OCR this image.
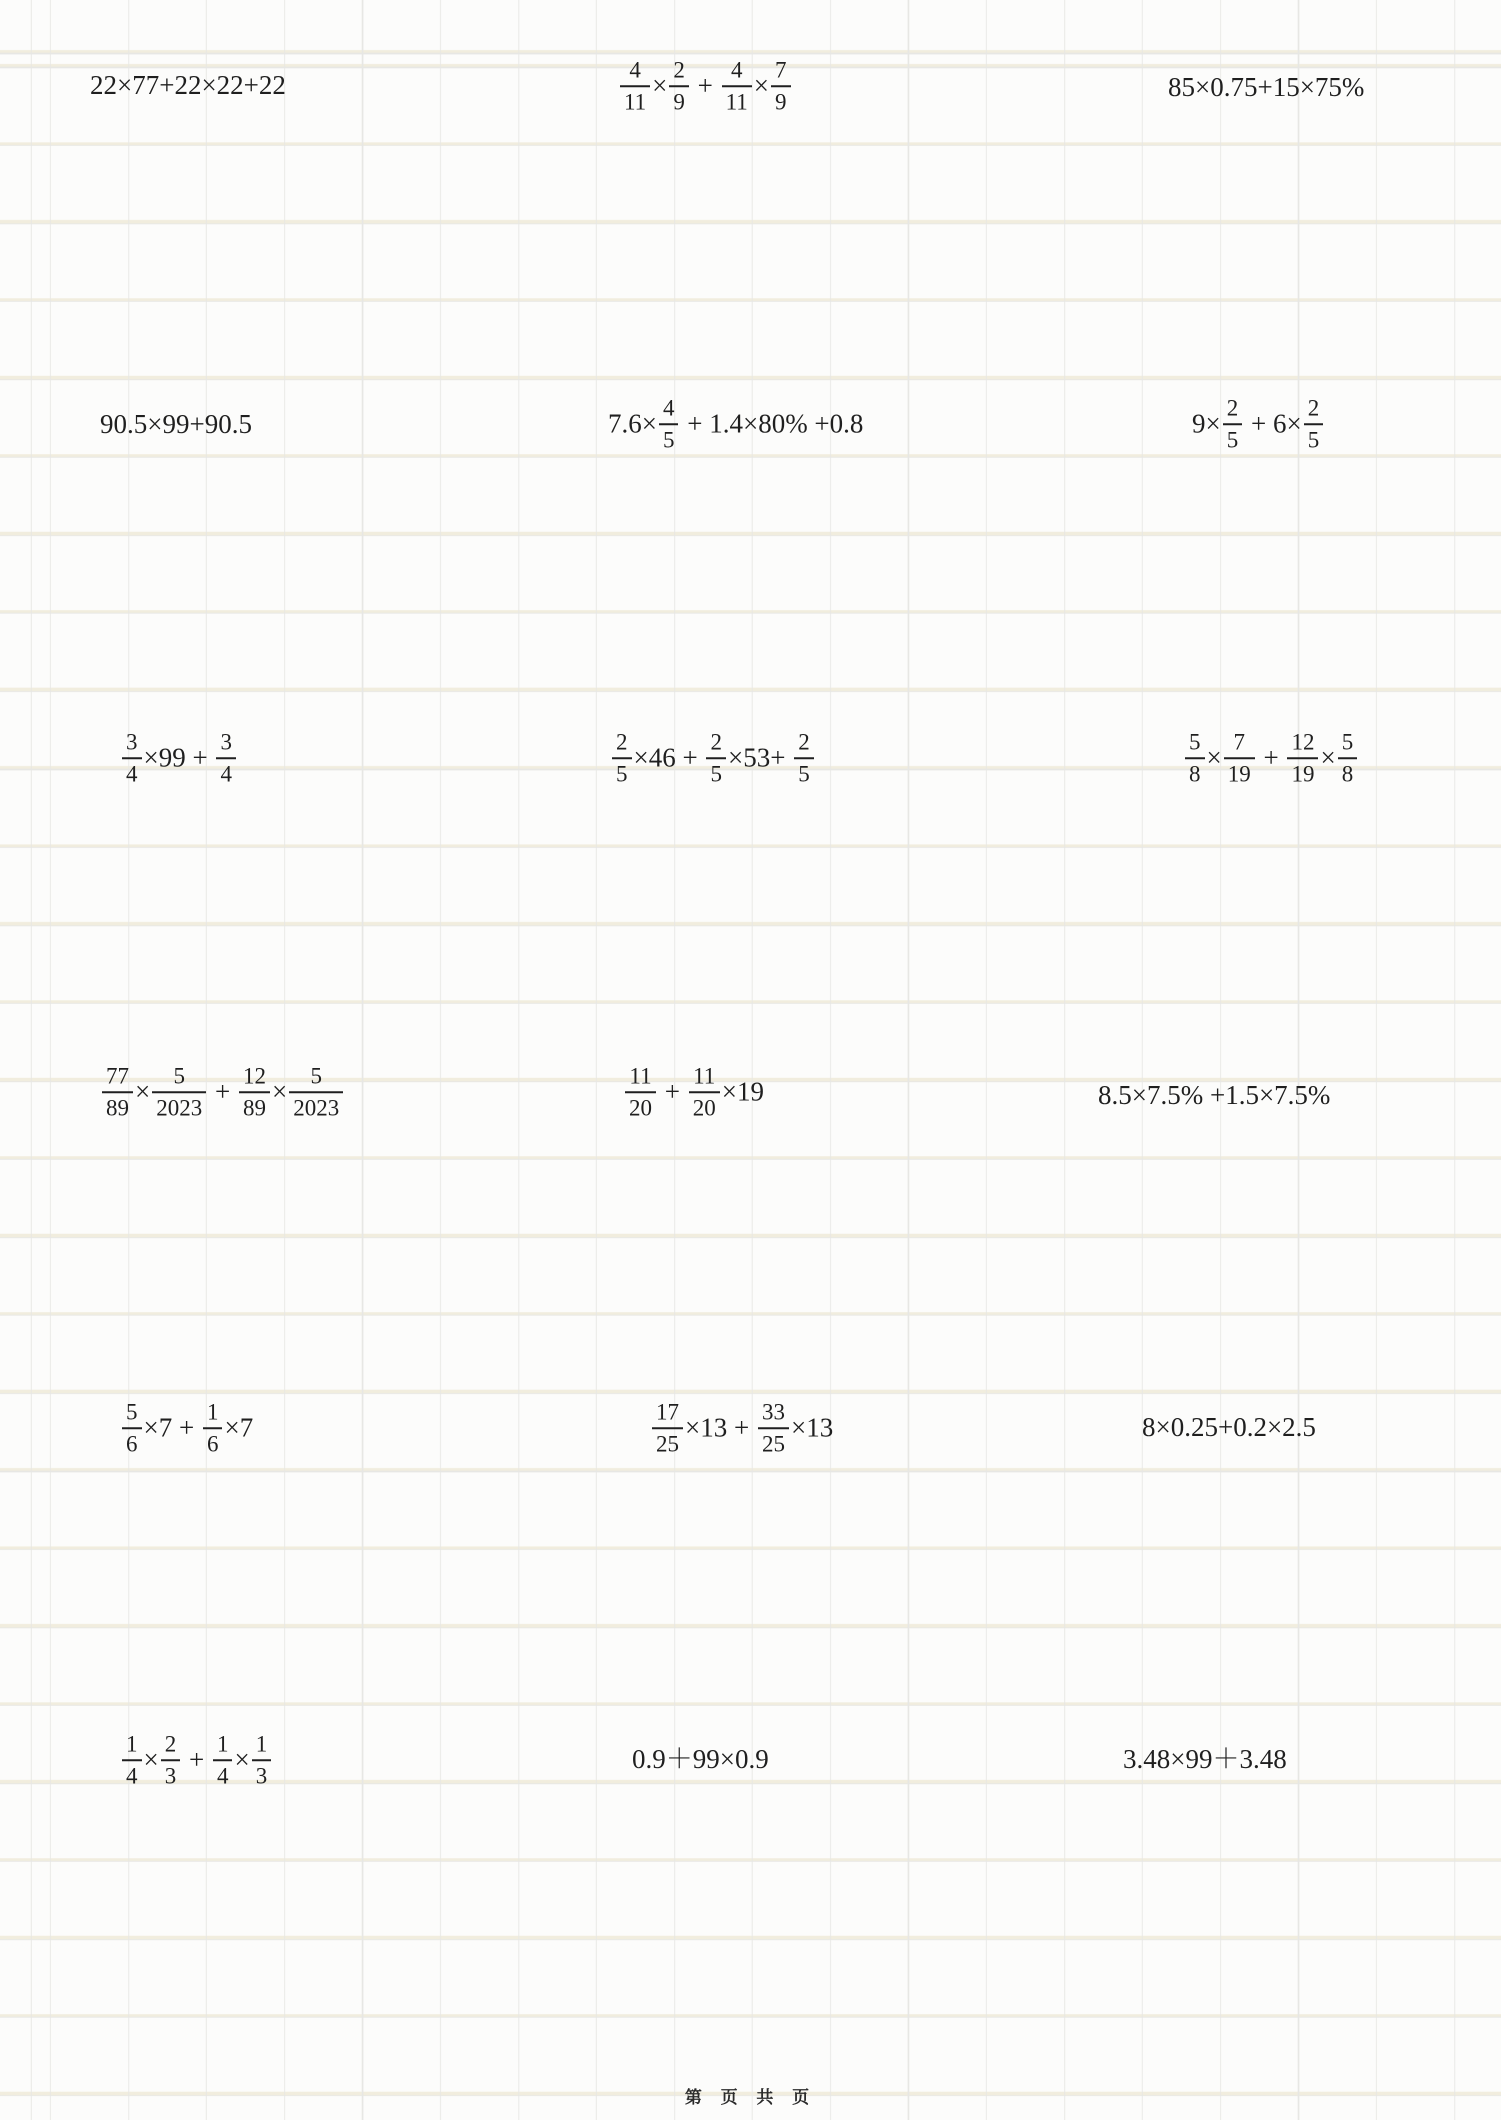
22×77+22×22+22	$\frac{4}{11} \times \frac{2}{9} + \frac{4}{11} \times \frac{7}{9}$	85×0.75+15×75%
90.5×99+90.5	$7.6\times \frac{4}{5} + 1.4\times 80\% +0.8$	$9\times \frac{2}{5} + 6\times \frac{2}{5}$
$\frac{3}{4} \times 99 + \frac{3}{4}$	$\frac{2}{5} \times 46 + \frac{2}{5} \times 53+ \frac{2}{5}$	$\frac{5}{8} \times \frac{7}{19} + \frac{12}{19} \times \frac{5}{8}$
$\frac{77}{89} \times \frac{5}{2023} + \frac{12}{89} \times \frac{5}{2023}$	$\frac{11}{20} + \frac{11}{20} \times 19$	8.5×7.5% +1.5×7.5%
$\frac{5}{6} \times 7 + \frac{1}{6} \times 7$	$\frac{17}{25} \times 13 + \frac{33}{25} \times 13$	8×0.25+0.2×2.5
$\frac{1}{4} \times \frac{2}{3} + \frac{1}{4} \times \frac{1}{3}$	0.9＋99×0.9	3.48×99＋3.48
第 页 共 页
